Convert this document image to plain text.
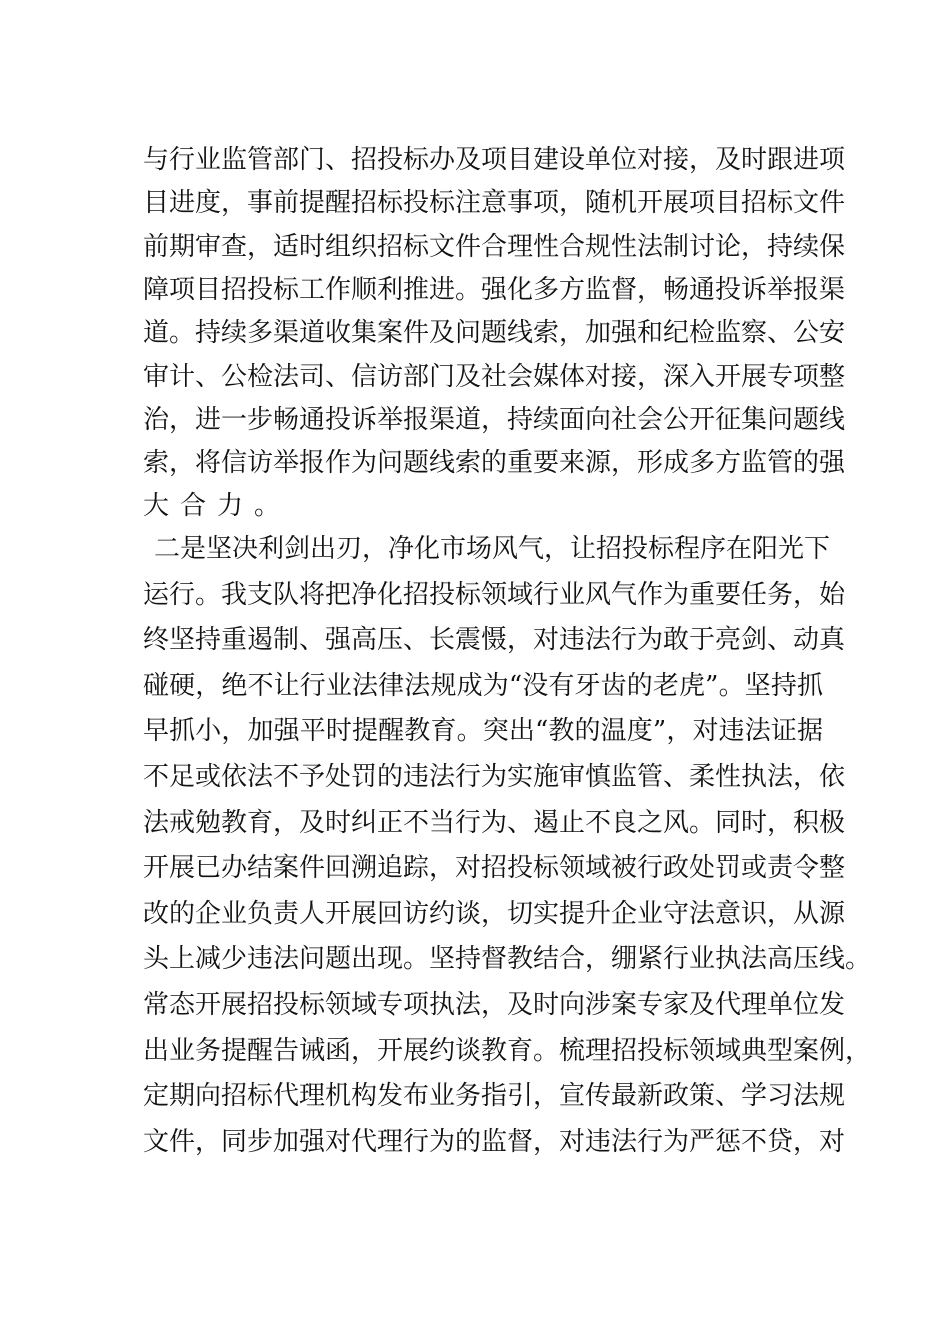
与行业监管部门、招投标办及项目建设单位对接，及时跟进项
目进度，事前提醒招标投标注意事项，随机开展项目招标文件
前期审查，适时组织招标文件合理性合规性法制讨论，持续保
障项目招投标工作顺利推进。强化多方监督，畅通投诉举报渠
道。持续多渠道收集案件及问题线索，加强和纪检监察、公安
审计、公检法司、信访部门及社会媒体对接，深入开展专项整
治，进一步畅通投诉举报渠道，持续面向社会公开征集问题线
索，将信访举报作为问题线索的重要来源，形成多方监管的强
大合力。
二是坚决利剑出刃，净化市场风气，让招投标程序在阳光下
运行。我支队将把净化招投标领域行业风气作为重要任务，始
终坚持重遏制、强高压、长震慑，对违法行为敢于亮剑、动真
碰硬，绝不让行业法律法规成为“没有牙齿的老虎”。坚持抓
早抓小，加强平时提醒教育。突出“教的温度”，对违法证据
不足或依法不予处罚的违法行为实施审慎监管、柔性执法，依
法戒勉教育，及时纠正不当行为、遏止不良之风。同时，积极
开展已办结案件回溯追踪，对招投标领域被行政处罚或责令整
改的企业负责人开展回访约谈，切实提升企业守法意识，从源
头上减少违法问题出现。坚持督教结合，绷紧行业执法高压线。
常态开展招投标领域专项执法，及时向涉案专家及代理单位发
出业务提醒告诫函，开展约谈教育。梳理招投标领域典型案例，
定期向招标代理机构发布业务指引，宣传最新政策、学习法规
文件，同步加强对代理行为的监督，对违法行为严惩不贷，对
